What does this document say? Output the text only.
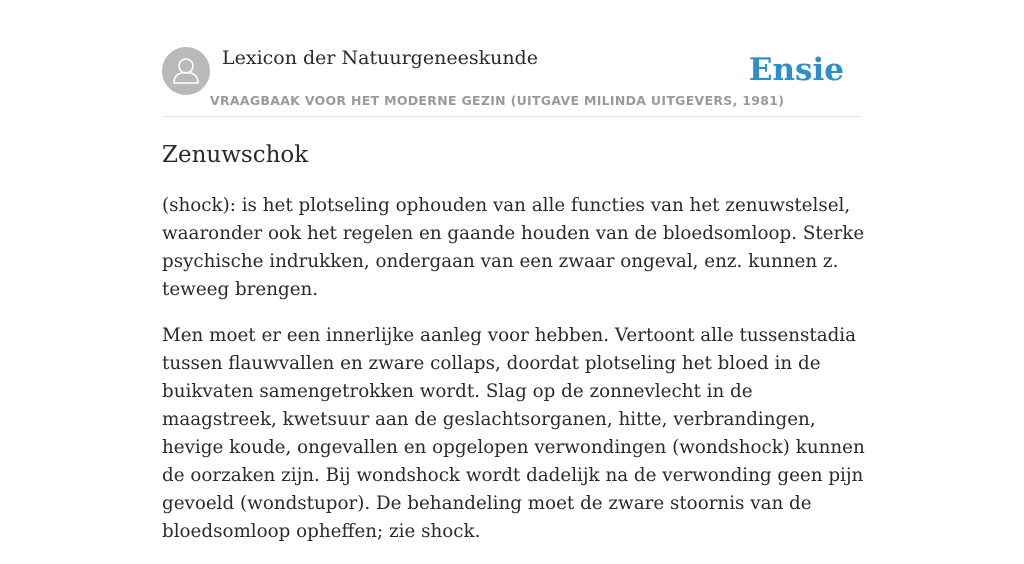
Lexicon der Natuurgeneeskunde
VRAAGBAAK VOOR HET MODERNE GEZIN (UITGAVE MILINDA UITGEVERS, 1981)
Ensie
Zenuwschok

(shock): is het plotseling ophouden van alle functies van het zenuwstelsel, waaronder ook het regelen en gaande houden van de bloedsomloop. Sterke psychische indrukken, ondergaan van een zwaar ongeval, enz. kunnen z. teweeg brengen.

Men moet er een innerlijke aanleg voor hebben. Vertoont alle tussenstadia tussen flauwvallen en zware collaps, doordat plotseling het bloed in de buikvaten samengetrokken wordt. Slag op de zonnevlecht in de maagstreek, kwetsuur aan de geslachtsorganen, hitte, verbrandingen, hevige koude, ongevallen en opgelopen verwondingen (wondshock) kunnen de oorzaken zijn. Bij wondshock wordt dadelijk na de verwonding geen pijn gevoeld (wondstupor). De behandeling moet de zware stoornis van de bloedsomloop opheffen; zie shock.
